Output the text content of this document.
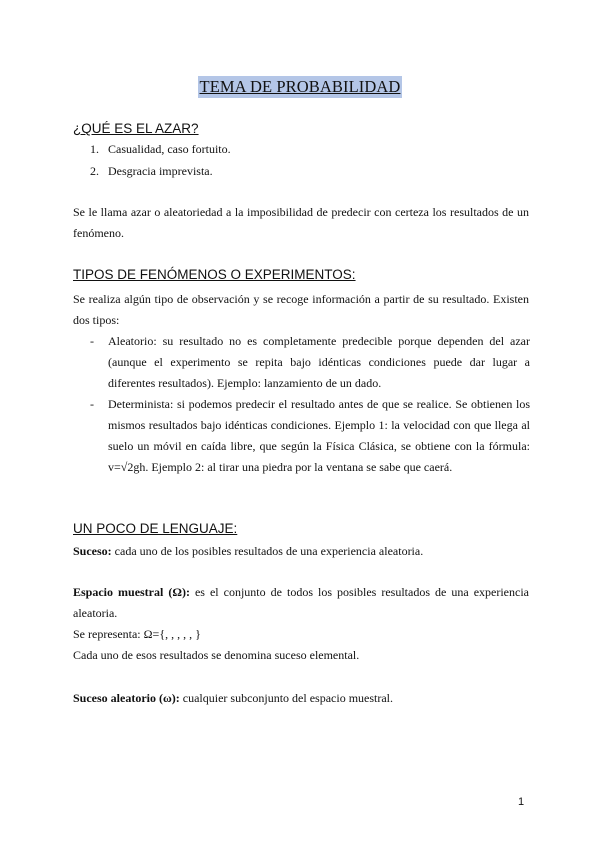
TEMA DE PROBABILIDAD
¿QUÉ ES EL AZAR?
1. Casualidad, caso fortuito.
2. Desgracia imprevista.
Se le llama azar o aleatoriedad a la imposibilidad de predecir con certeza los resultados de un fenómeno.
TIPOS DE FENÓMENOS O EXPERIMENTOS:
Se realiza algún tipo de observación y se recoge información a partir de su resultado. Existen dos tipos:
- Aleatorio: su resultado no es completamente predecible porque dependen del azar (aunque el experimento se repita bajo idénticas condiciones puede dar lugar a diferentes resultados). Ejemplo: lanzamiento de un dado.
- Determinista: si podemos predecir el resultado antes de que se realice. Se obtienen los mismos resultados bajo idénticas condiciones. Ejemplo 1: la velocidad con que llega al suelo un móvil en caída libre, que según la Física Clásica, se obtiene con la fórmula: v=√2gh. Ejemplo 2: al tirar una piedra por la ventana se sabe que caerá.
UN POCO DE LENGUAJE:
Suceso: cada uno de los posibles resultados de una experiencia aleatoria.
Espacio muestral (Ω): es el conjunto de todos los posibles resultados de una experiencia aleatoria.
Se representa: Ω={, , , , , }
Cada uno de esos resultados se denomina suceso elemental.
Suceso aleatorio (ω): cualquier subconjunto del espacio muestral.
1
